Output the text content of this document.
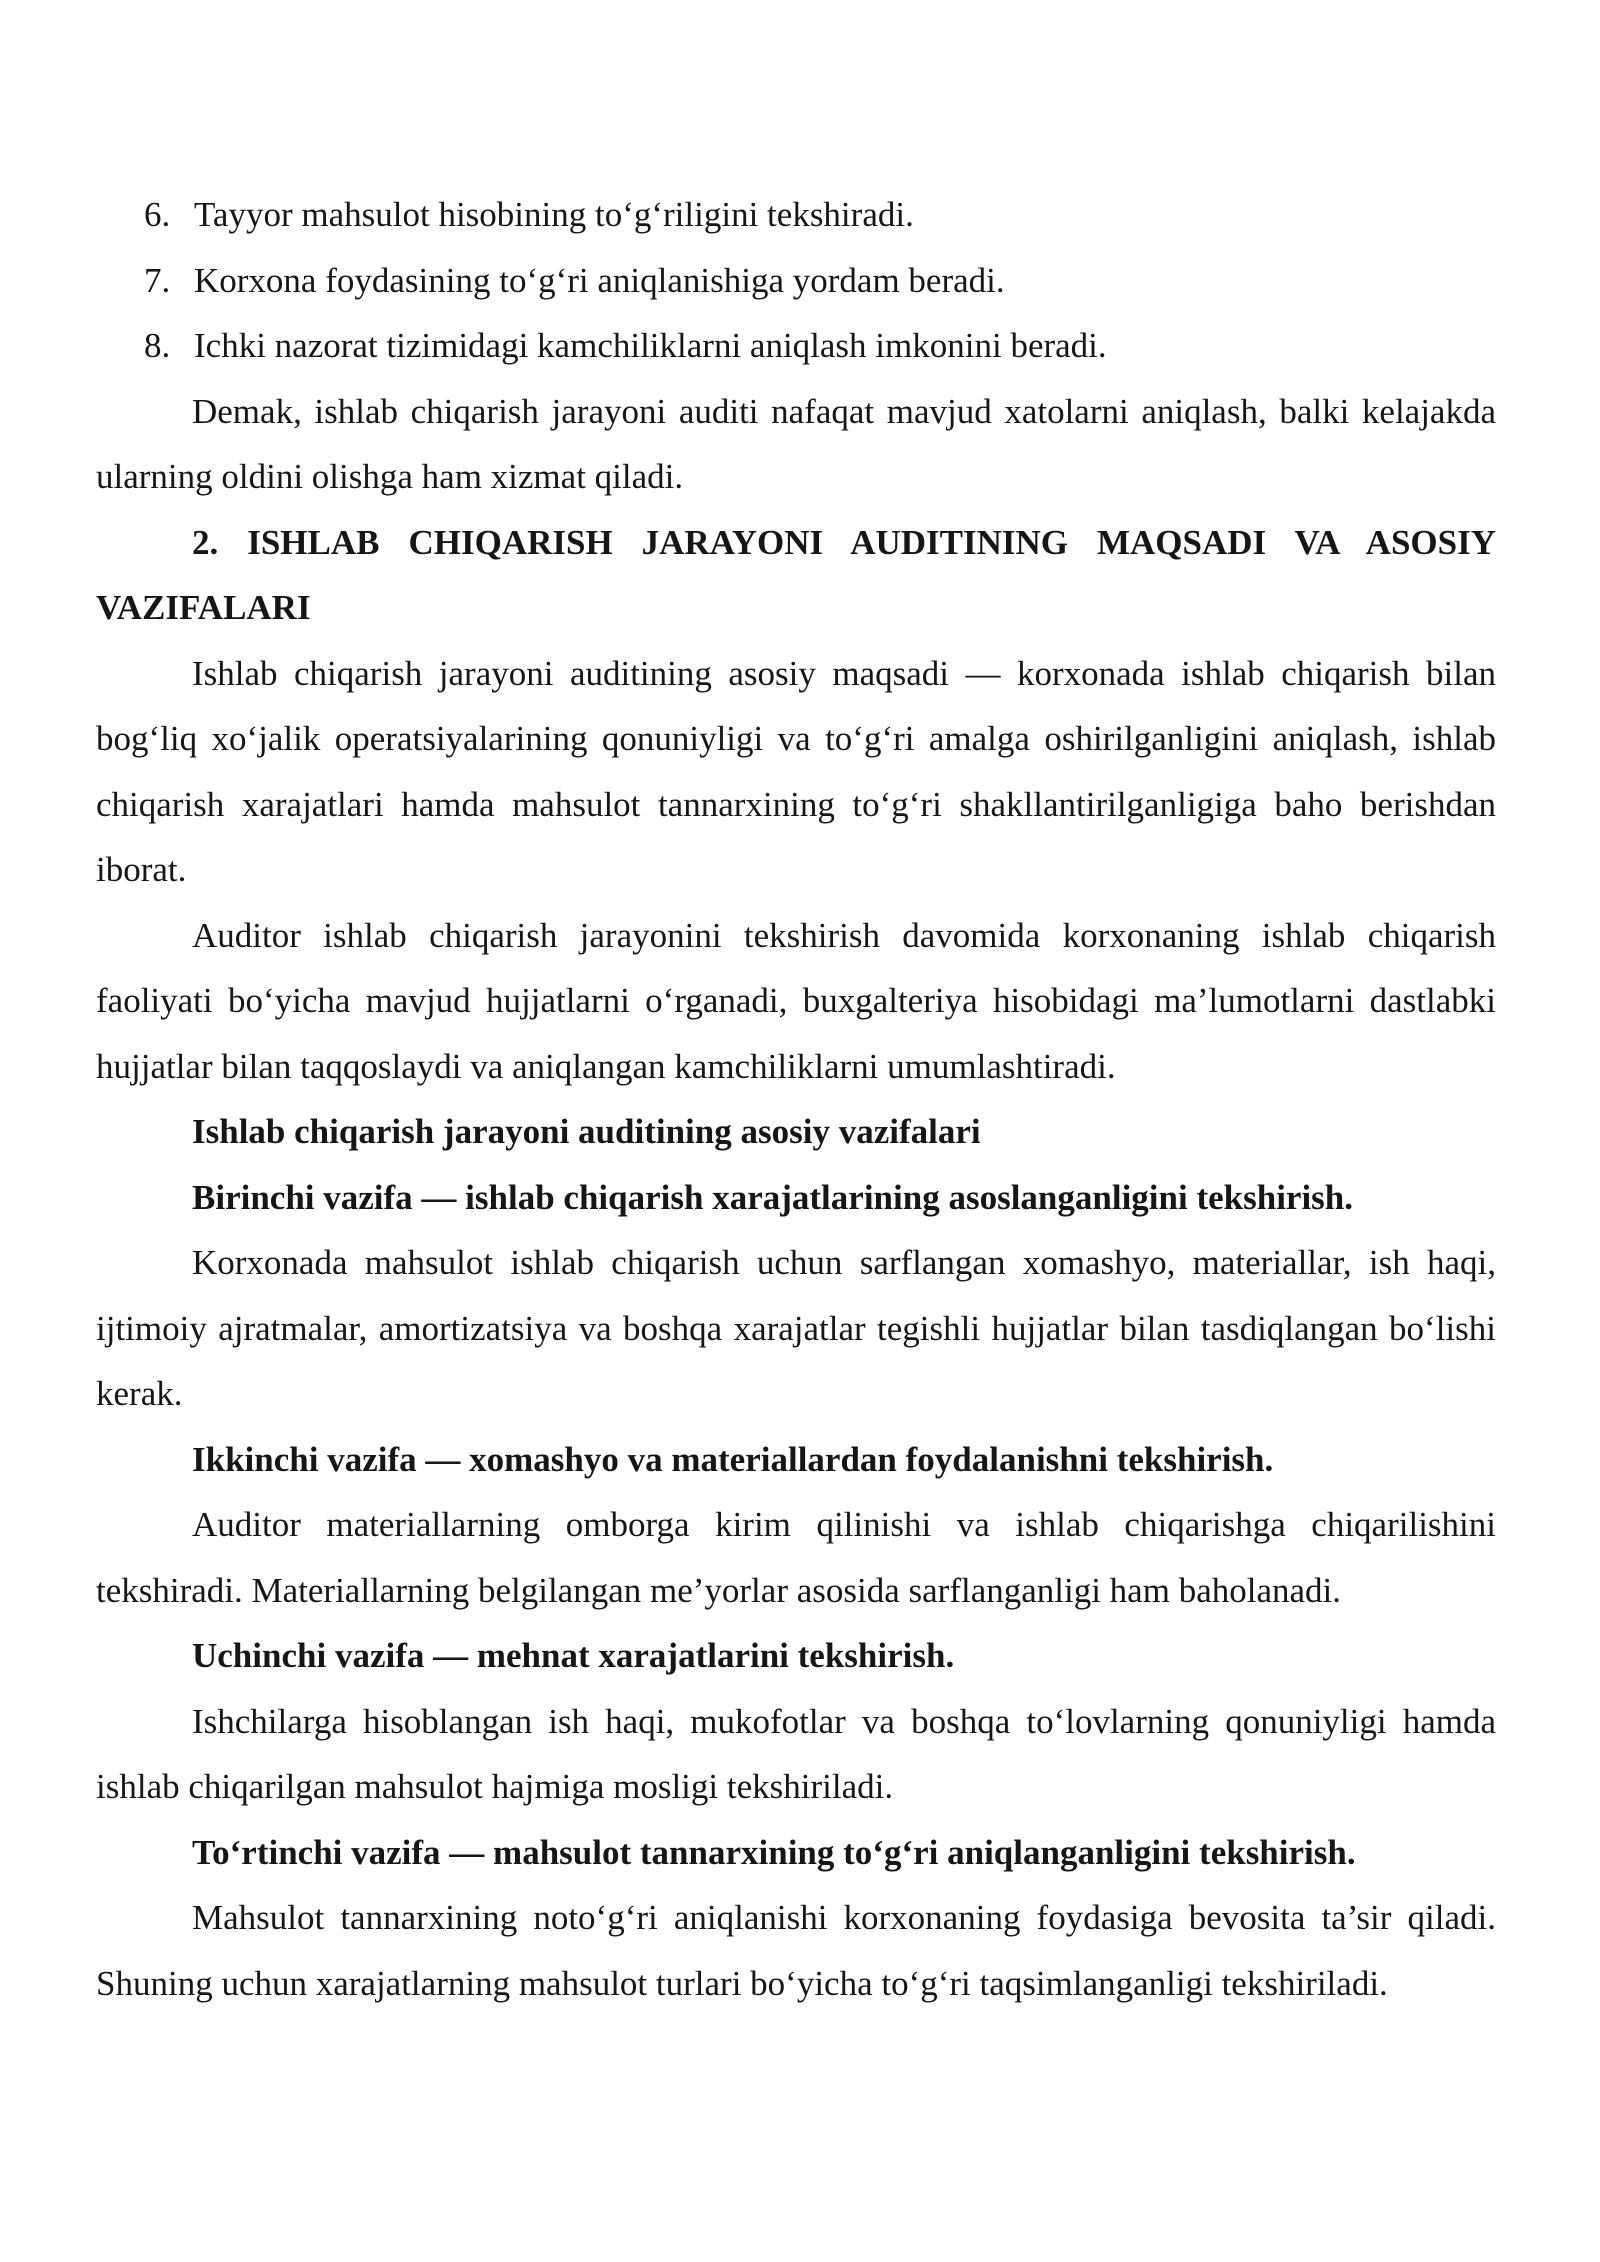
6. Tayyor mahsulot hisobining to‘g‘riligini tekshiradi.
7. Korxona foydasining to‘g‘ri aniqlanishiga yordam beradi.
8. Ichki nazorat tizimidagi kamchiliklarni aniqlash imkonini beradi.

Demak, ishlab chiqarish jarayoni auditi nafaqat mavjud xatolarni aniqlash, balki kelajakda ularning oldini olishga ham xizmat qiladi.

2. ISHLAB CHIQARISH JARAYONI AUDITINING MAQSADI VA ASOSIY VAZIFALARI

Ishlab chiqarish jarayoni auditining asosiy maqsadi — korxonada ishlab chiqarish bilan bog‘liq xo‘jalik operatsiyalarining qonuniyligi va to‘g‘ri amalga oshirilganligini aniqlash, ishlab chiqarish xarajatlari hamda mahsulot tannarxining to‘g‘ri shakllantirilganligiga baho berishdan iborat.

Auditor ishlab chiqarish jarayonini tekshirish davomida korxonaning ishlab chiqarish faoliyati bo‘yicha mavjud hujjatlarni o‘rganadi, buxgalteriya hisobidagi ma’lumotlarni dastlabki hujjatlar bilan taqqoslaydi va aniqlangan kamchiliklarni umumlashtiradi.

Ishlab chiqarish jarayoni auditining asosiy vazifalari

Birinchi vazifa — ishlab chiqarish xarajatlarining asoslanganligini tekshirish.

Korxonada mahsulot ishlab chiqarish uchun sarflangan xomashyo, materiallar, ish haqi, ijtimoiy ajratmalar, amortizatsiya va boshqa xarajatlar tegishli hujjatlar bilan tasdiqlangan bo‘lishi kerak.

Ikkinchi vazifa — xomashyo va materiallardan foydalanishni tekshirish.

Auditor materiallarning omborga kirim qilinishi va ishlab chiqarishga chiqarilishini tekshiradi. Materiallarning belgilangan me’yorlar asosida sarflanganligi ham baholanadi.

Uchinchi vazifa — mehnat xarajatlarini tekshirish.

Ishchilarga hisoblangan ish haqi, mukofotlar va boshqa to‘lovlarning qonuniyligi hamda ishlab chiqarilgan mahsulot hajmiga mosligi tekshiriladi.

To‘rtinchi vazifa — mahsulot tannarxining to‘g‘ri aniqlanganligini tekshirish.

Mahsulot tannarxining noto‘g‘ri aniqlanishi korxonaning foydasiga bevosita ta’sir qiladi. Shuning uchun xarajatlarning mahsulot turlari bo‘yicha to‘g‘ri taqsimlanganligi tekshiriladi.
